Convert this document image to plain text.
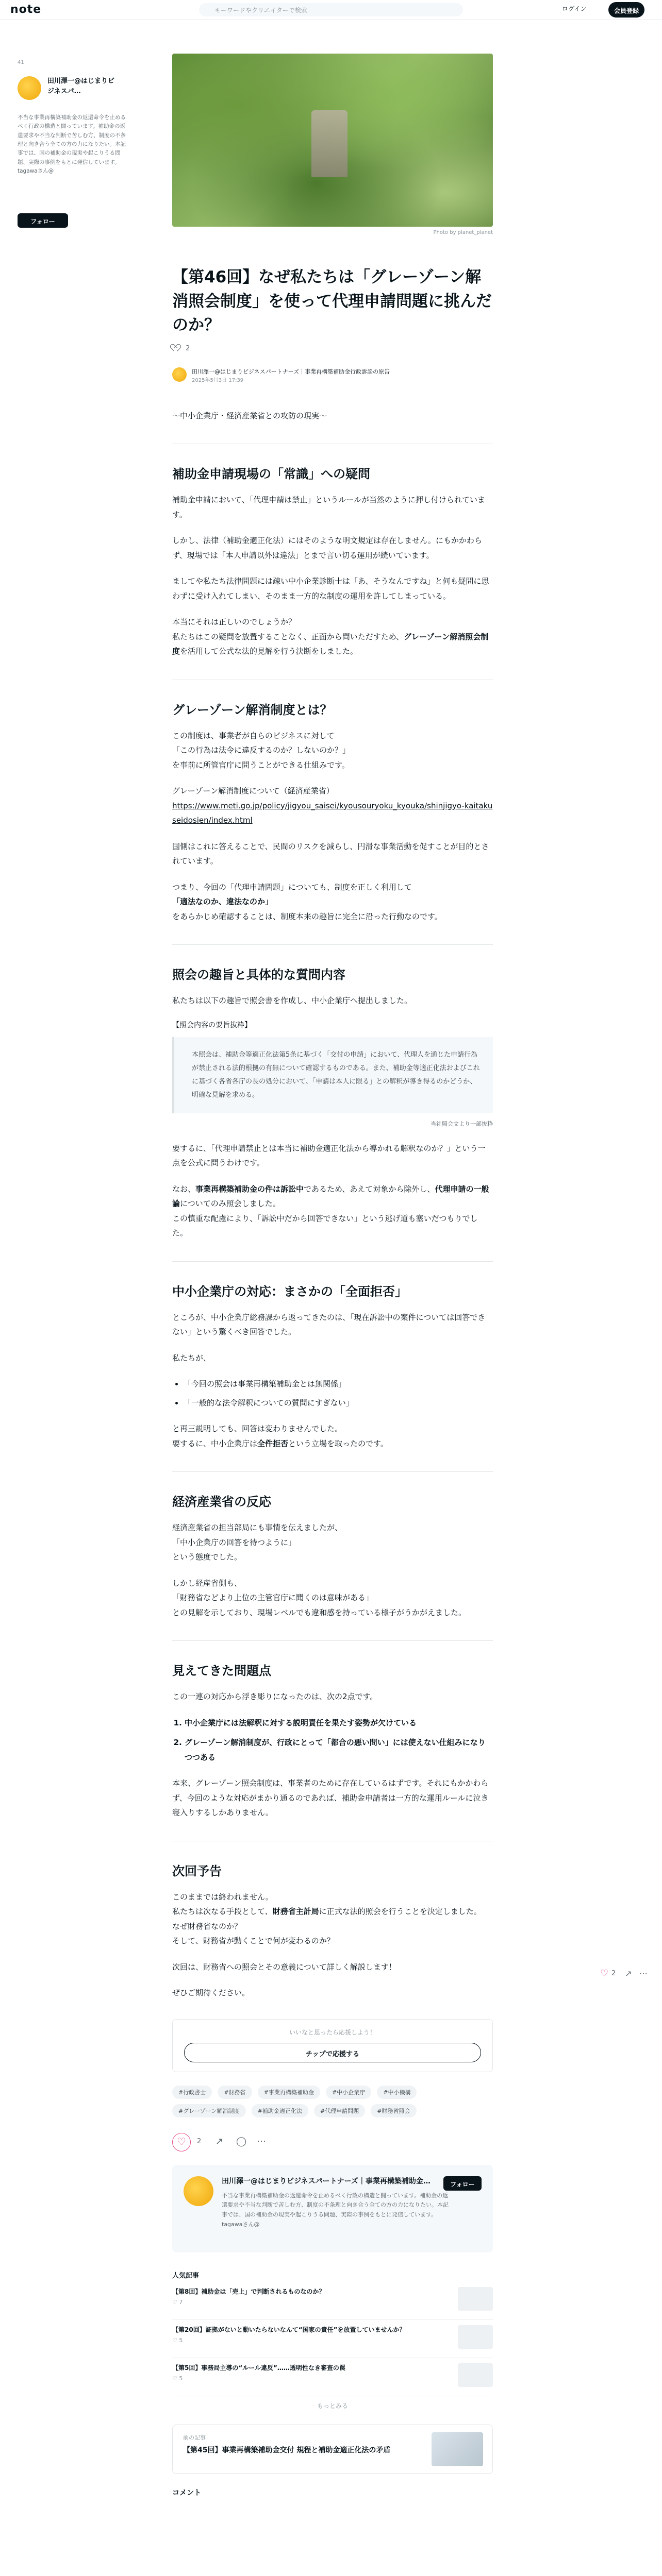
note	キーワードやクリエイターで検索	ログイン	会員登録
41
田川澤一@はじまりビジネスパ…
不当な事業再構築補助金の返還命令を止めるべく行政の構造と闘っています。補助金の返還要求や不当な判断で苦しむ方、制度の不条理と向き合う全ての方の力になりたい。本記事では、国の補助金の現実や起こりうる問題、実際の事例をもとに発信しています。tagawaさん@
フォロー
♡ 2 ↗ ⋯
Photo by planet_planet
【第46回】なぜ私たちは「グレーゾーン解消照会制度」を使って代理申請問題に挑んだのか？
2
田川澤一@はじまりビジネスパートナーズ｜事業再構築補助金行政訴訟の原告
2025年5月3日 17:39

〜中小企業庁・経済産業省との攻防の現実〜

補助金申請現場の「常識」への疑問

補助金申請において、「代理申請は禁止」というルールが当然のように押し付けられています。

しかし、法律（補助金適正化法）にはそのような明文規定は存在しません。にもかかわらず、現場では「本人申請以外は違法」とまで言い切る運用が続いています。

ましてや私たち法律問題には疎い中小企業診断士は「あ、そうなんですね」と何も疑問に思わずに受け入れてしまい、そのまま一方的な制度の運用を許してしまっている。

本当にそれは正しいのでしょうか？
私たちはこの疑問を放置することなく、正面から問いただすため、グレーゾーン解消照会制度を活用して公式な法的見解を行う決断をしました。

グレーゾーン解消制度とは？

この制度は、事業者が自らのビジネスに対して
「この行為は法令に違反するのか？しないのか？」
を事前に所管官庁に問うことができる仕組みです。

グレーゾーン解消制度について（経済産業省）
https://www.meti.go.jp/policy/jigyou_saisei/kyousouryoku_kyouka/shinjigyo-kaitakuseidosien/index.html

国側はこれに答えることで、民間のリスクを減らし、円滑な事業活動を促すことが目的とされています。

つまり、今回の「代理申請問題」についても、制度を正しく利用して
「適法なのか、違法なのか」
をあらかじめ確認することは、制度本来の趣旨に完全に沿った行動なのです。

照会の趣旨と具体的な質問内容

私たちは以下の趣旨で照会書を作成し、中小企業庁へ提出しました。

【照会内容の要旨抜粋】

本照会は、補助金等適正化法第5条に基づく「交付の申請」において、代理人を通じた申請行為が禁止される法的根拠の有無について確認するものである。また、補助金等適正化法およびこれに基づく各省各庁の長の処分において、「申請は本人に限る」との解釈が導き得るのかどうか、明確な見解を求める。

当社照会文より一部抜粋

要するに、「代理申請禁止とは本当に補助金適正化法から導かれる解釈なのか？」という一点を公式に問うわけです。

なお、事業再構築補助金の件は訴訟中であるため、あえて対象から除外し、代理申請の一般論についてのみ照会しました。
この慎重な配慮により、「訴訟中だから回答できない」という逃げ道も塞いだつもりでした。

中小企業庁の対応：まさかの「全面拒否」

ところが、中小企業庁総務課から返ってきたのは、「現在訴訟中の案件については回答できない」という驚くべき回答でした。

私たちが、

• 「今回の照会は事業再構築補助金とは無関係」
• 「一般的な法令解釈についての質問にすぎない」

と再三説明しても、回答は変わりませんでした。
要するに、中小企業庁は全件拒否という立場を取ったのです。

経済産業省の反応

経済産業省の担当部局にも事情を伝えましたが、
「中小企業庁の回答を待つように」
という態度でした。

しかし経産省側も、
「財務省などより上位の主管官庁に聞くのは意味がある」
との見解を示しており、現場レベルでも違和感を持っている様子がうかがえました。

見えてきた問題点

この一連の対応から浮き彫りになったのは、次の2点です。

1. 中小企業庁には法解釈に対する説明責任を果たす姿勢が欠けている
2. グレーゾーン解消制度が、行政にとって「都合の悪い問い」には使えない仕組みになりつつある

本来、グレーゾーン照会制度は、事業者のために存在しているはずです。それにもかかわらず、今回のような対応がまかり通るのであれば、補助金申請者は一方的な運用ルールに泣き寝入りするしかありません。

次回予告

このままでは終われません。
私たちは次なる手段として、財務省主計局に正式な法的照会を行うことを決定しました。
なぜ財務省なのか？
そして、財務省が動くことで何が変わるのか？

次回は、財務省への照会とその意義について詳しく解説します！

ぜひご期待ください。

いいなと思ったら応援しよう！
チップで応援する
#行政書士	#財務省	#事業再構築補助金	#中小企業庁	#中小機構 #グレーゾーン解消制度	#補助金適正化法	#代理申請問題	#財務省照会
♡
2 ↗ ◯ ⋯
田川澤一@はじまりビジネスパートナーズ｜事業再構築補助金…
不当な事業再構築補助金の返還命令を止めるべく行政の構造と闘っています。補助金の返還要求や不当な判断で苦しむ方、制度の不条理と向き合う全ての方の力になりたい。本記事では、国の補助金の現実や起こりうる問題、実際の事例をもとに発信しています。tagawaさん@
フォロー
人気記事
【第8回】補助金は「売上」で判断されるものなのか？
♡ 7
【第20回】証拠がないと動いたらないなんて“国家の責任”を放置していませんか？
♡ 5
【第5回】事務局主導の“ルール違反”……透明性なき審査の罠
♡ 5
もっとみる
前の記事
【第45回】事業再構築補助金交付 規程と補助金適正化法の矛盾
コメント
